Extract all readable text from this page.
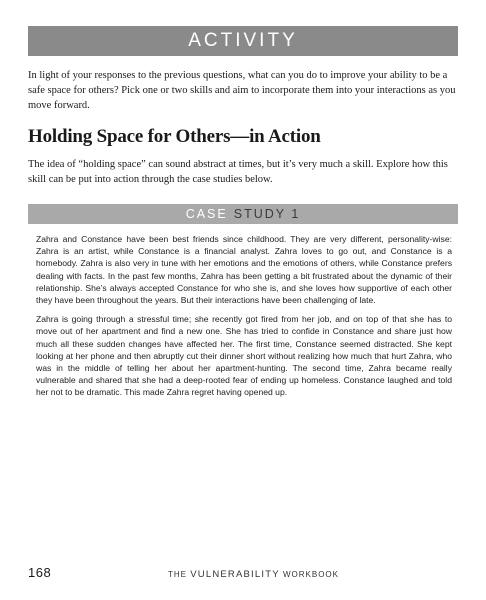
ACTIVITY

In light of your responses to the previous questions, what can you do to improve your ability to be a safe space for others? Pick one or two skills and aim to incorporate them into your interactions as you move forward.

Holding Space for Others—in Action

The idea of “holding space” can sound abstract at times, but it’s very much a skill. Explore how this skill can be put into action through the case studies below.

CASE STUDY 1

Zahra and Constance have been best friends since childhood. They are very different, personality-wise: Zahra is an artist, while Constance is a financial analyst. Zahra loves to go out, and Constance is a homebody. Zahra is also very in tune with her emotions and the emotions of others, while Constance prefers dealing with facts. In the past few months, Zahra has been getting a bit frustrated about the dynamic of their relationship. She’s always accepted Constance for who she is, and she loves how supportive of each other they have been throughout the years. But their interactions have been challenging of late.

Zahra is going through a stressful time; she recently got fired from her job, and on top of that she has to move out of her apartment and find a new one. She has tried to confide in Constance and share just how much all these sudden changes have affected her. The first time, Constance seemed distracted. She kept looking at her phone and then abruptly cut their dinner short without realizing how much that hurt Zahra, who was in the middle of telling her about her apartment-hunting. The second time, Zahra became really vulnerable and shared that she had a deep-rooted fear of ending up homeless. Constance laughed and told her not to be dramatic. This made Zahra regret having opened up.

168	THE VULNERABILITY WORKBOOK
